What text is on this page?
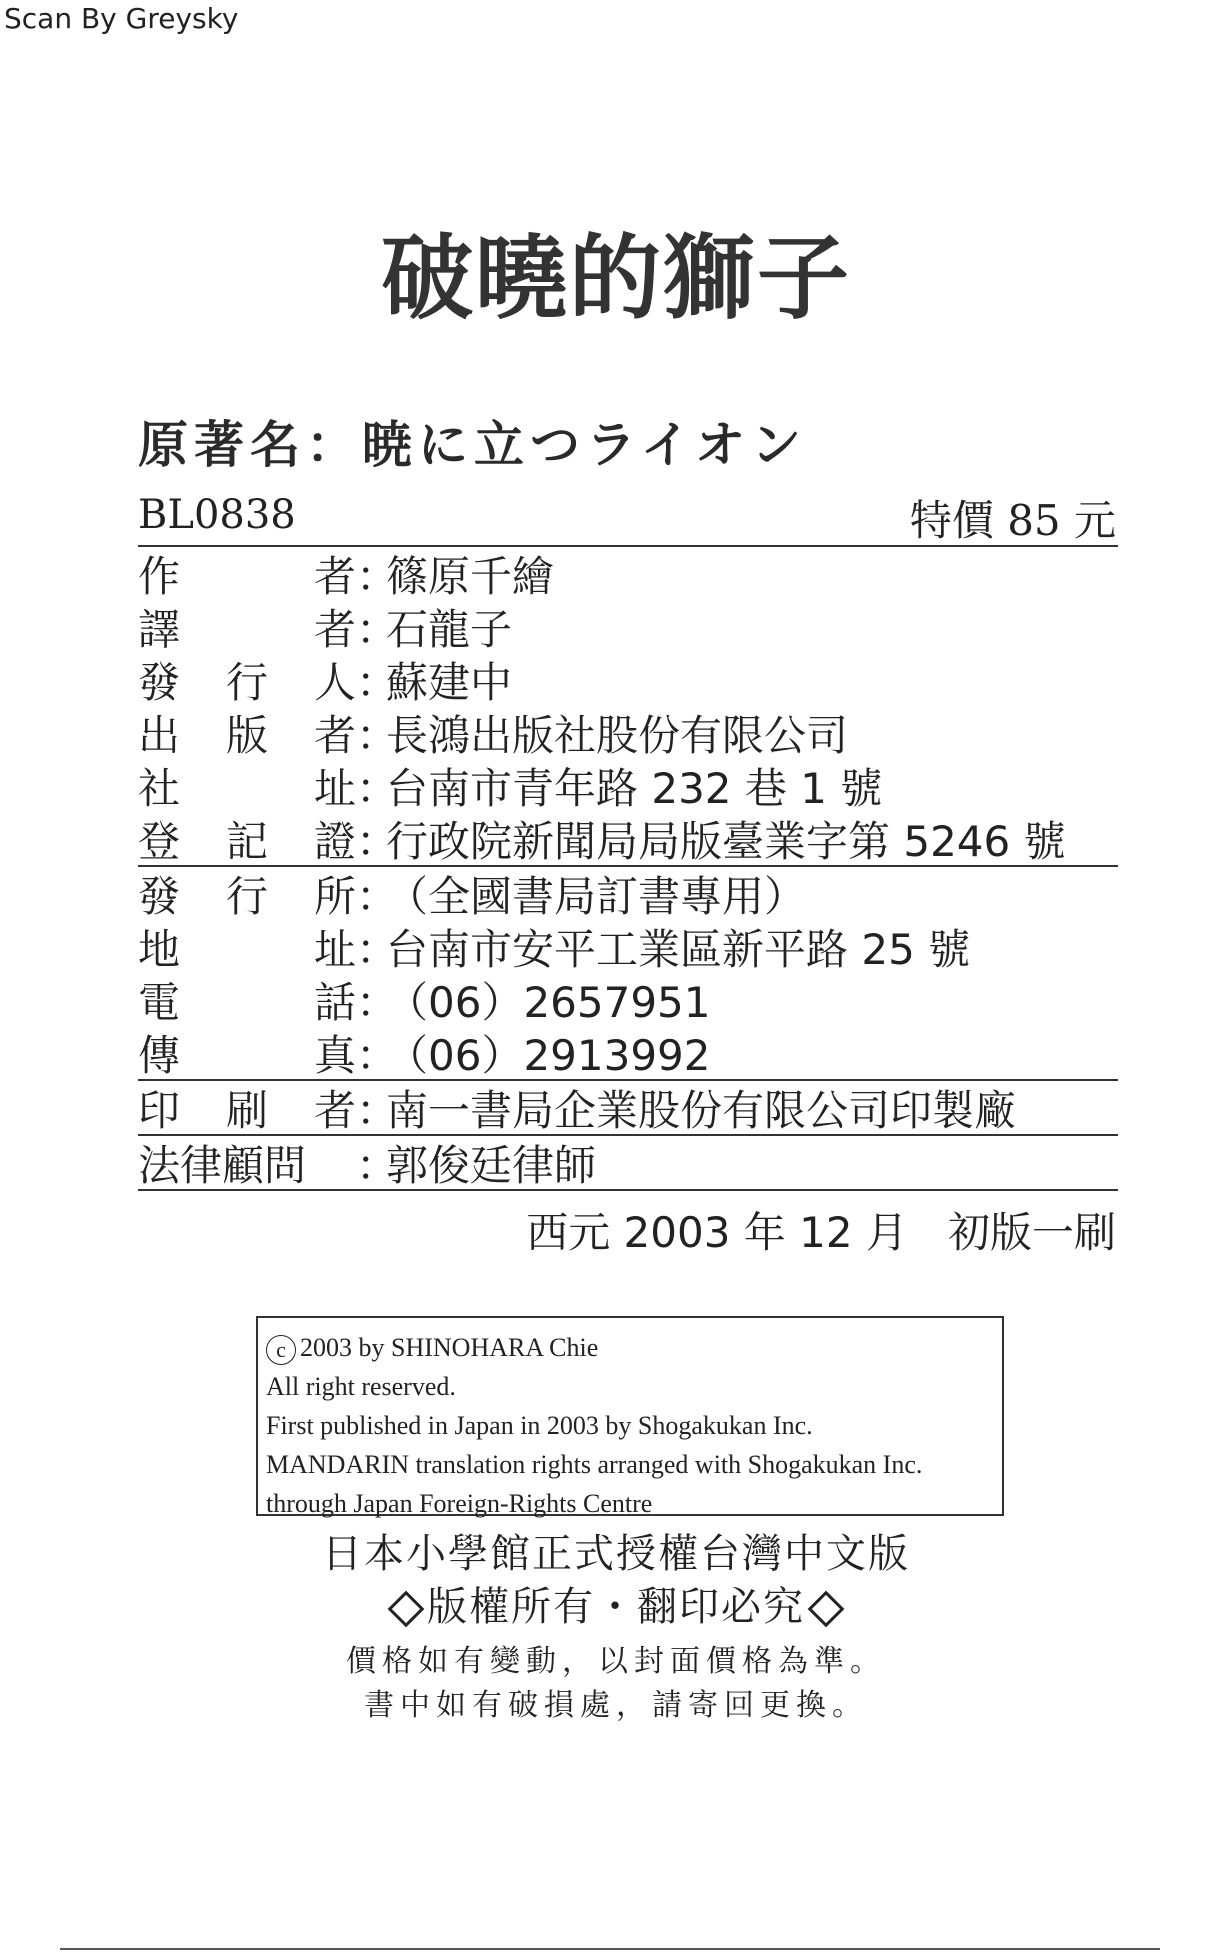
Scan By Greysky
破曉的獅子
原著名：暁に立つライオン
BL0838	特價 85 元
作	者 ：
篠原千繪
譯	者 ：
石龍子
發 行 人 ：
蘇建中
出 版 者 ：
長鴻出版社股份有限公司
社	址 ：
台南市青年路 232 巷 1 號
登 記 證 ：
行政院新聞局局版臺業字第 5246 號
發 行 所 ：
（全國書局訂書專用）
地	址 ：
台南市安平工業區新平路 25 號
電	話 ：
（06）2657951
傳	真 ：
（06）2913992
印 刷 者 ：
南一書局企業股份有限公司印製廠
法律顧問 ：
郭俊廷律師
西元 2003 年 12 月   初版一刷
c 2003 by SHINOHARA Chie
All right reserved.
First published in Japan in 2003 by Shogakukan Inc.
MANDARIN translation rights arranged with Shogakukan Inc.
through Japan Foreign-Rights Centre
日本小學館正式授權台灣中文版
版權所有・翻印必究
價格如有變動，以封面價格為準。
書中如有破損處，請寄回更換。
